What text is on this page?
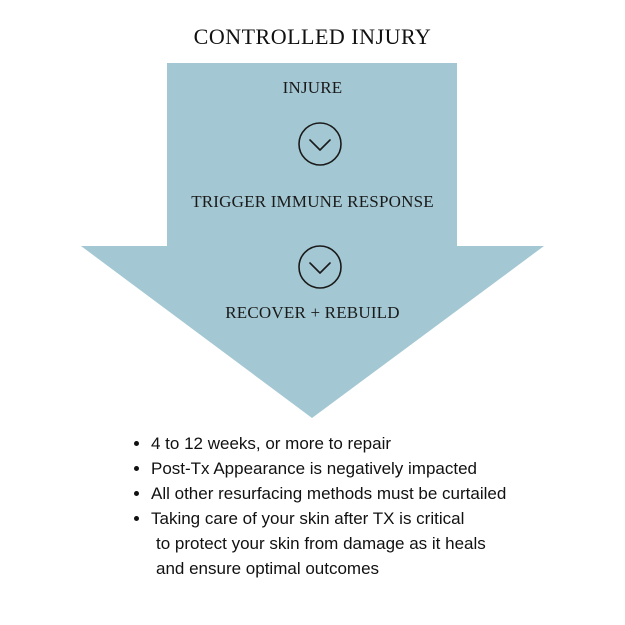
CONTROLLED INJURY
INJURE
TRIGGER IMMUNE RESPONSE
RECOVER + REBUILD
4 to 12 weeks, or more to repair
Post-Tx Appearance is negatively impacted
All other resurfacing methods must be curtailed
Taking care of your skin after TX is critical
to protect your skin from damage as it heals
and ensure optimal outcomes
